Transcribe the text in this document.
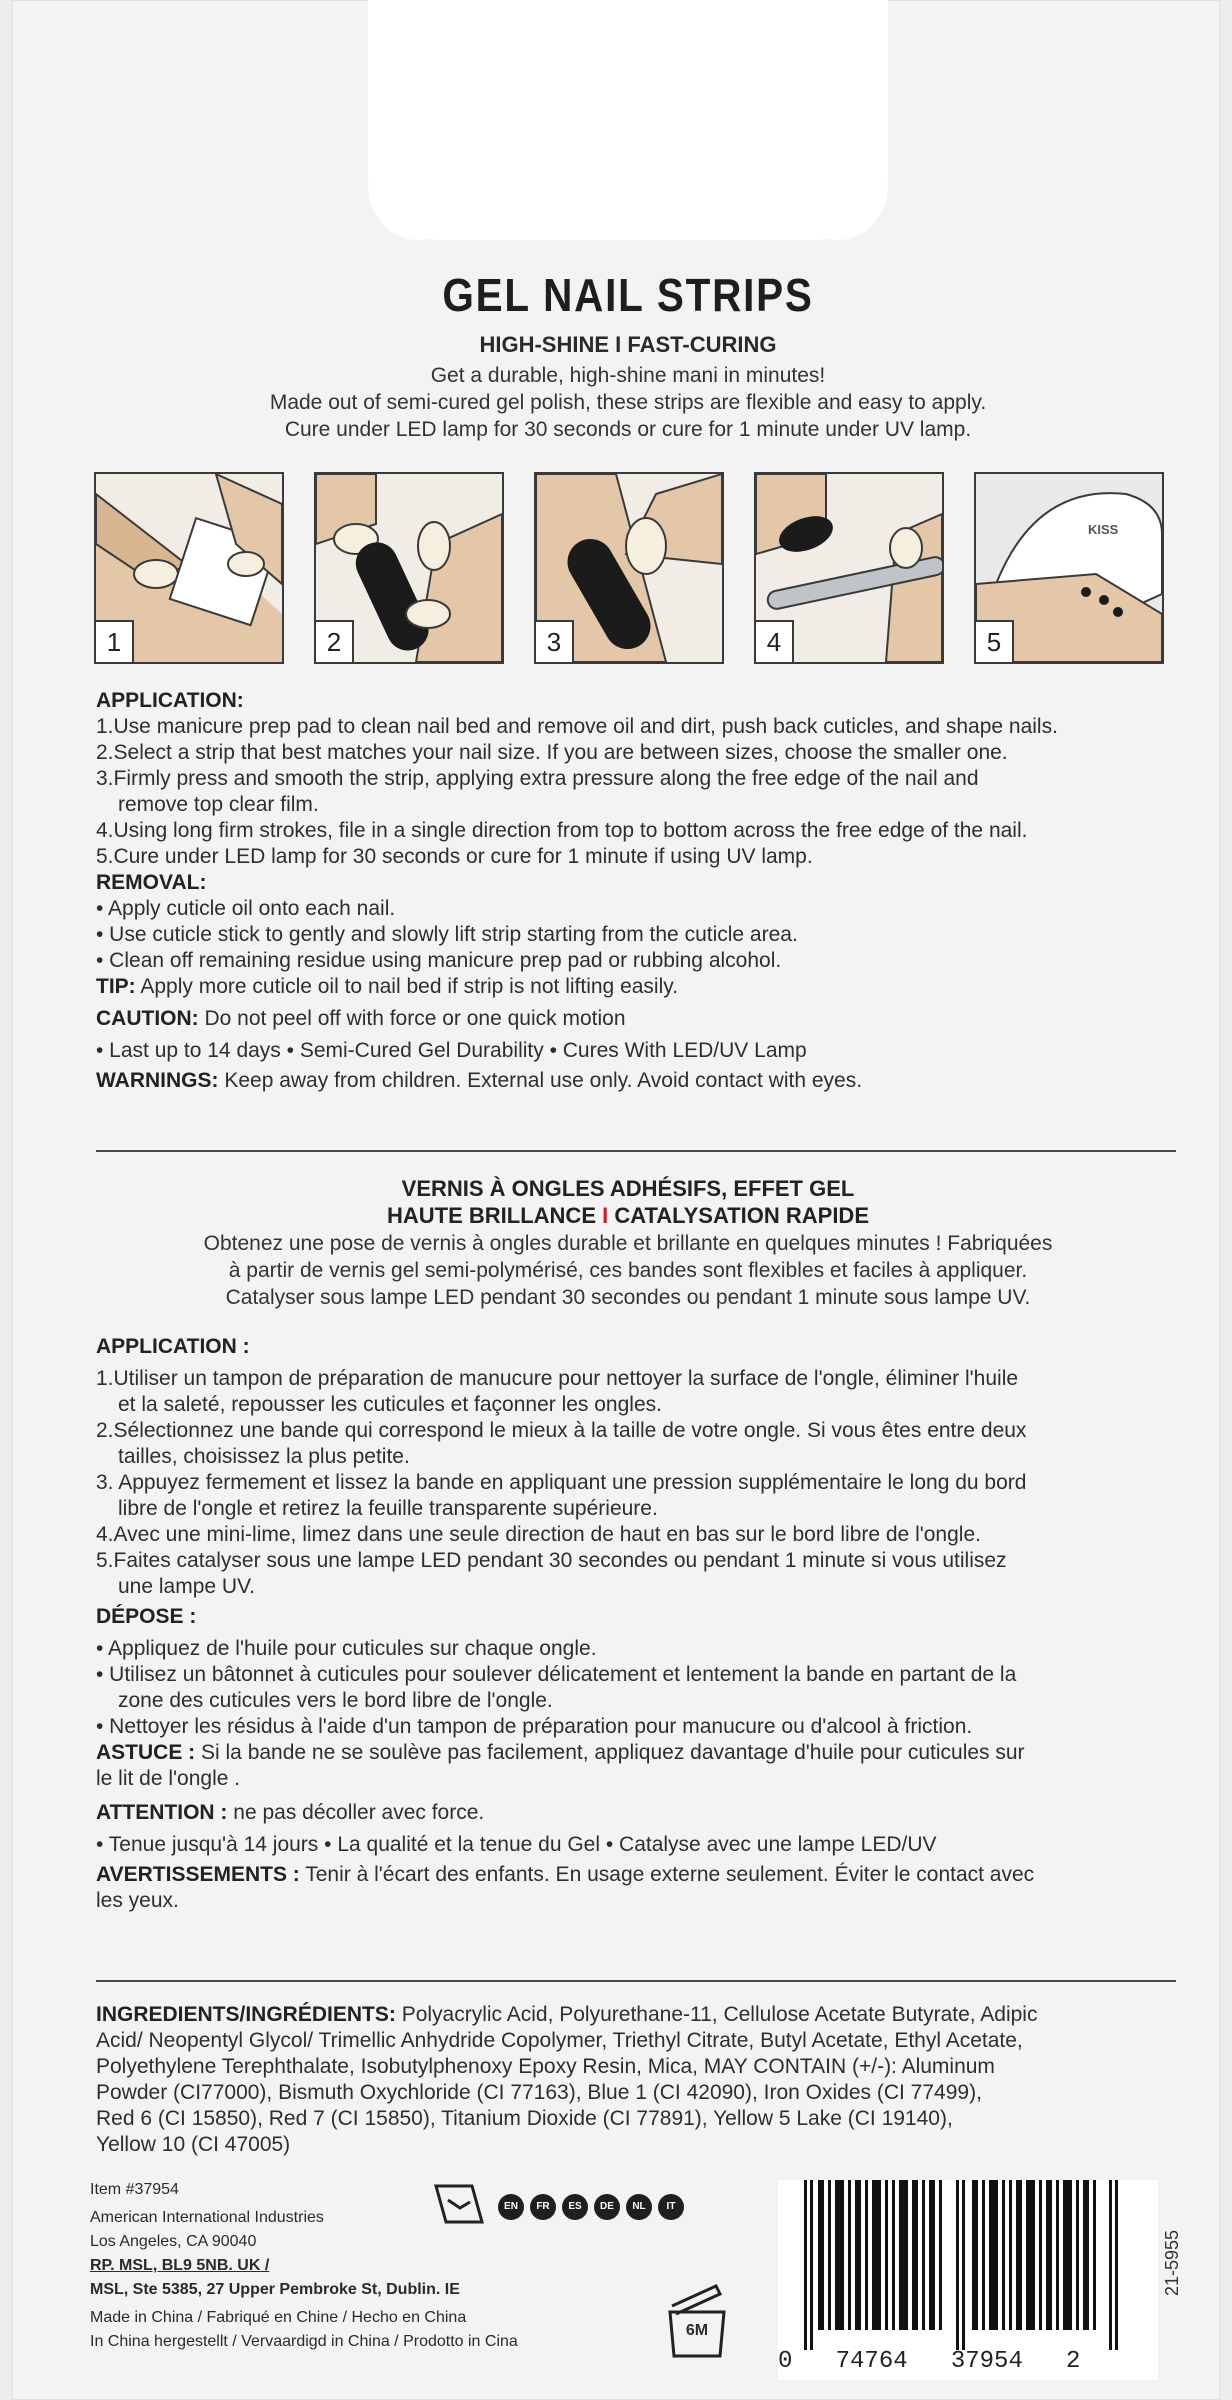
GEL NAIL STRIPS
HIGH-SHINE I FAST-CURING
Get a durable, high-shine mani in minutes!
Made out of semi-cured gel polish, these strips are flexible and easy to apply.
Cure under LED lamp for 30 seconds or cure for 1 minute under UV lamp.
1	2	3	4
KISS
5
APPLICATION:
1.Use manicure prep pad to clean nail bed and remove oil and dirt, push back cuticles, and shape nails.
2.Select a strip that best matches your nail size. If you are between sizes, choose the smaller one.
3.Firmly press and smooth the strip, applying extra pressure along the free edge of the nail and
remove top clear film.
4.Using long firm strokes, file in a single direction from top to bottom across the free edge of the nail.
5.Cure under LED lamp for 30 seconds or cure for 1 minute if using UV lamp.
REMOVAL:
• Apply cuticle oil onto each nail.
• Use cuticle stick to gently and slowly lift strip starting from the cuticle area.
• Clean off remaining residue using manicure prep pad or rubbing alcohol.
TIP: Apply more cuticle oil to nail bed if strip is not lifting easily.
CAUTION: Do not peel off with force or one quick motion
• Last up to 14 days • Semi-Cured Gel Durability • Cures With LED/UV Lamp
WARNINGS: Keep away from children. External use only. Avoid contact with eyes.
VERNIS À ONGLES ADHÉSIFS, EFFET GEL
HAUTE BRILLANCE I CATALYSATION RAPIDE
Obtenez une pose de vernis à ongles durable et brillante en quelques minutes ! Fabriquées
à partir de vernis gel semi-polymérisé, ces bandes sont flexibles et faciles à appliquer.
Catalyser sous lampe LED pendant 30 secondes ou pendant 1 minute sous lampe UV.
APPLICATION :
1.Utiliser un tampon de préparation de manucure pour nettoyer la surface de l'ongle, éliminer l'huile
et la saleté, repousser les cuticules et façonner les ongles.
2.Sélectionnez une bande qui correspond le mieux à la taille de votre ongle. Si vous êtes entre deux
tailles, choisissez la plus petite.
3. Appuyez fermement et lissez la bande en appliquant une pression supplémentaire le long du bord
libre de l'ongle et retirez la feuille transparente supérieure.
4.Avec une mini-lime, limez dans une seule direction de haut en bas sur le bord libre de l'ongle.
5.Faites catalyser sous une lampe LED pendant 30 secondes ou pendant 1 minute si vous utilisez
une lampe UV.
DÉPOSE :
• Appliquez de l'huile pour cuticules sur chaque ongle.
• Utilisez un bâtonnet à cuticules pour soulever délicatement et lentement la bande en partant de la
zone des cuticules vers le bord libre de l'ongle.
• Nettoyer les résidus à l'aide d'un tampon de préparation pour manucure ou d'alcool à friction.
ASTUCE : Si la bande ne se soulève pas facilement, appliquez davantage d'huile pour cuticules sur
le lit de l'ongle .
ATTENTION : ne pas décoller avec force.
• Tenue jusqu'à 14 jours • La qualité et la tenue du Gel • Catalyse avec une lampe LED/UV
AVERTISSEMENTS : Tenir à l'écart des enfants. En usage externe seulement. Éviter le contact avec
les yeux.
INGREDIENTS/INGRÉDIENTS: Polyacrylic Acid, Polyurethane-11, Cellulose Acetate Butyrate, Adipic
Acid/ Neopentyl Glycol/ Trimellic Anhydride Copolymer, Triethyl Citrate, Butyl Acetate, Ethyl Acetate,
Polyethylene Terephthalate, Isobutylphenoxy Epoxy Resin, Mica, MAY CONTAIN (+/-): Aluminum
Powder (CI77000), Bismuth Oxychloride (CI 77163), Blue 1 (CI 42090), Iron Oxides (CI 77499),
Red 6 (CI 15850), Red 7 (CI 15850), Titanium Dioxide (CI 77891), Yellow 5 Lake (CI 19140),
Yellow 10 (CI 47005)
Item #37954
American International Industries
Los Angeles, CA 90040
RP. MSL, BL9 5NB. UK /
MSL, Ste 5385, 27 Upper Pembroke St, Dublin. IE
Made in China / Fabriqué en Chine / Hecho en China
In China hergestellt / Vervaardigd in China / Prodotto in Cina
EN	FR	ES	DE	NL	IT
6M
0   74764   37954   2
21-5955
